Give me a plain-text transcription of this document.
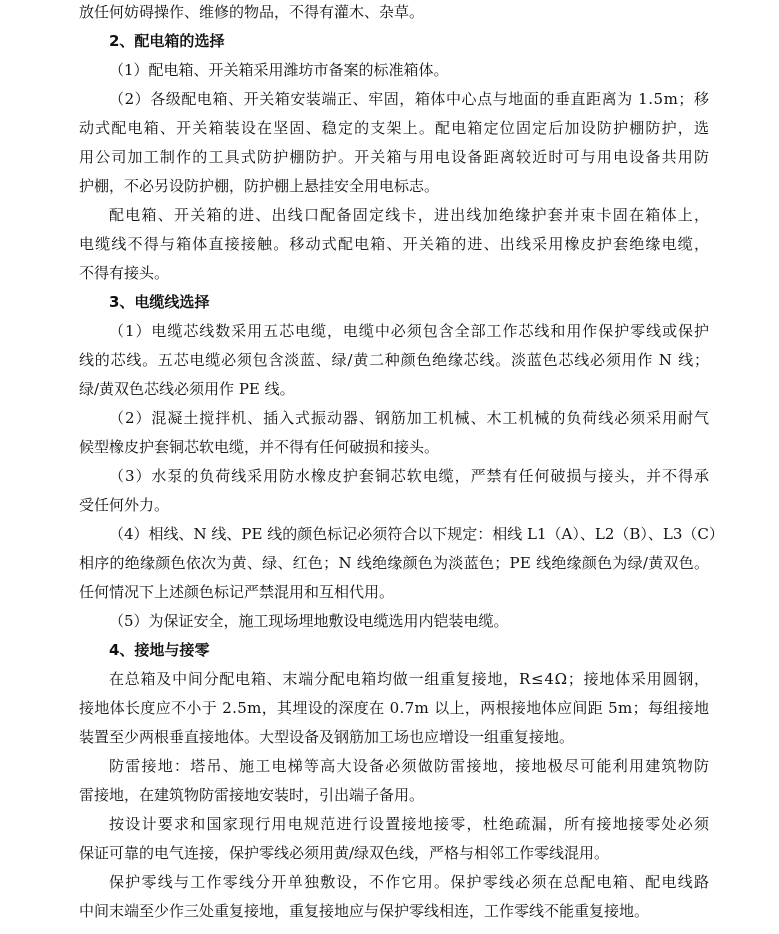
放任何妨碍操作、维修的物品，不得有灌木、杂草。
2、配电箱的选择
（1）配电箱、开关箱采用潍坊市备案的标准箱体。
（2）各级配电箱、开关箱安装端正、牢固，箱体中心点与地面的垂直距离为 1.5m；移
动式配电箱、开关箱装设在坚固、稳定的支架上。配电箱定位固定后加设防护棚防护，选
用公司加工制作的工具式防护棚防护。开关箱与用电设备距离较近时可与用电设备共用防
护棚，不必另设防护棚，防护棚上悬挂安全用电标志。
配电箱、开关箱的进、出线口配备固定线卡，进出线加绝缘护套并束卡固在箱体上，
电缆线不得与箱体直接接触。移动式配电箱、开关箱的进、出线采用橡皮护套绝缘电缆，
不得有接头。
3、电缆线选择
（1）电缆芯线数采用五芯电缆，电缆中必须包含全部工作芯线和用作保护零线或保护
线的芯线。五芯电缆必须包含淡蓝、绿/黄二种颜色绝缘芯线。淡蓝色芯线必须用作 N 线；
绿/黄双色芯线必须用作 PE 线。
（2）混凝土搅拌机、插入式振动器、钢筋加工机械、木工机械的负荷线必须采用耐气
候型橡皮护套铜芯软电缆，并不得有任何破损和接头。
（3）水泵的负荷线采用防水橡皮护套铜芯软电缆，严禁有任何破损与接头，并不得承
受任何外力。
（4）相线、N 线、PE 线的颜色标记必须符合以下规定：相线 L1（A）、L2（B）、L3（C）
相序的绝缘颜色依次为黄、绿、红色；N 线绝缘颜色为淡蓝色；PE 线绝缘颜色为绿/黄双色。
任何情况下上述颜色标记严禁混用和互相代用。
（5）为保证安全，施工现场埋地敷设电缆选用内铠装电缆。
4、接地与接零
在总箱及中间分配电箱、末端分配电箱均做一组重复接地，R≤4Ω；接地体采用圆钢，
接地体长度应不小于 2.5m，其埋设的深度在 0.7m 以上，两根接地体应间距 5m；每组接地
装置至少两根垂直接地体。大型设备及钢筋加工场也应增设一组重复接地。
防雷接地：塔吊、施工电梯等高大设备必须做防雷接地，接地极尽可能利用建筑物防
雷接地，在建筑物防雷接地安装时，引出端子备用。
按设计要求和国家现行用电规范进行设置接地接零，杜绝疏漏，所有接地接零处必须
保证可靠的电气连接，保护零线必须用黄/绿双色线，严格与相邻工作零线混用。
保护零线与工作零线分开单独敷设，不作它用。保护零线必须在总配电箱、配电线路
中间末端至少作三处重复接地，重复接地应与保护零线相连，工作零线不能重复接地。
